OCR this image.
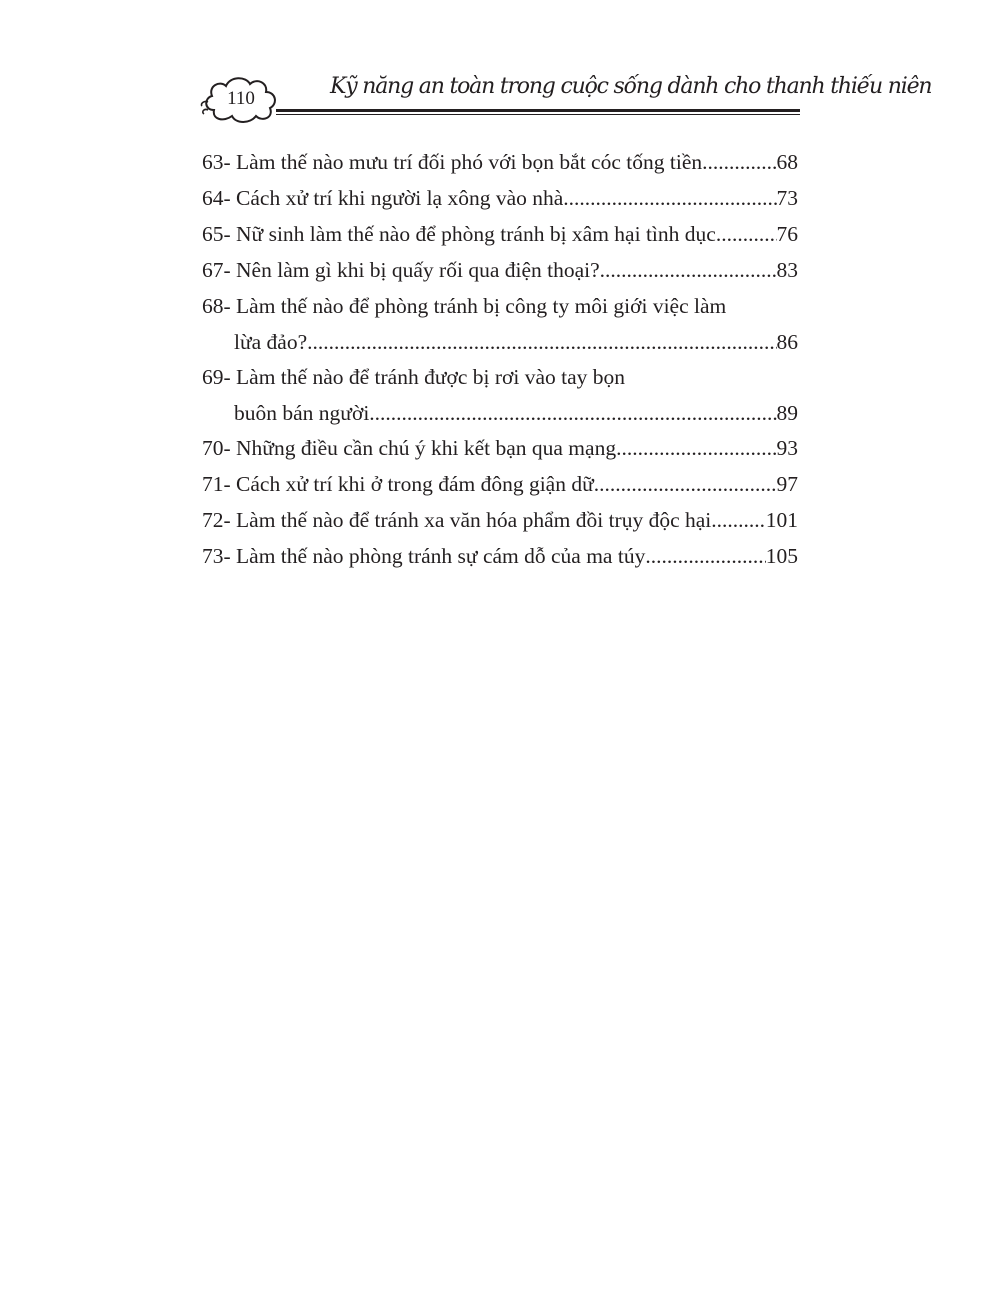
110	Kỹ năng an toàn trong cuộc sống dành cho thanh thiếu niên
63- Làm thế nào mưu trí đối phó với bọn bắt cóc tống tiền .....	68
64- Cách xử trí khi người lạ xông vào nhà .....	73
65- Nữ sinh làm thế nào để phòng tránh bị xâm hại tình dục .....	76
67- Nên làm gì khi bị quấy rối qua điện thoại? .....	83
68- Làm thế nào để phòng tránh bị công ty môi giới việc làm
lừa đảo? .....	86
69- Làm thế nào để tránh được bị rơi vào tay bọn
buôn bán người .....	89
70- Những điều cần chú ý khi kết bạn qua mạng .....	93
71- Cách xử trí khi ở trong đám đông giận dữ .....	97
72- Làm thế nào để tránh xa văn hóa phẩm đồi trụy độc hại .....	101
73- Làm thế nào phòng tránh sự cám dỗ của ma túy .....	105
